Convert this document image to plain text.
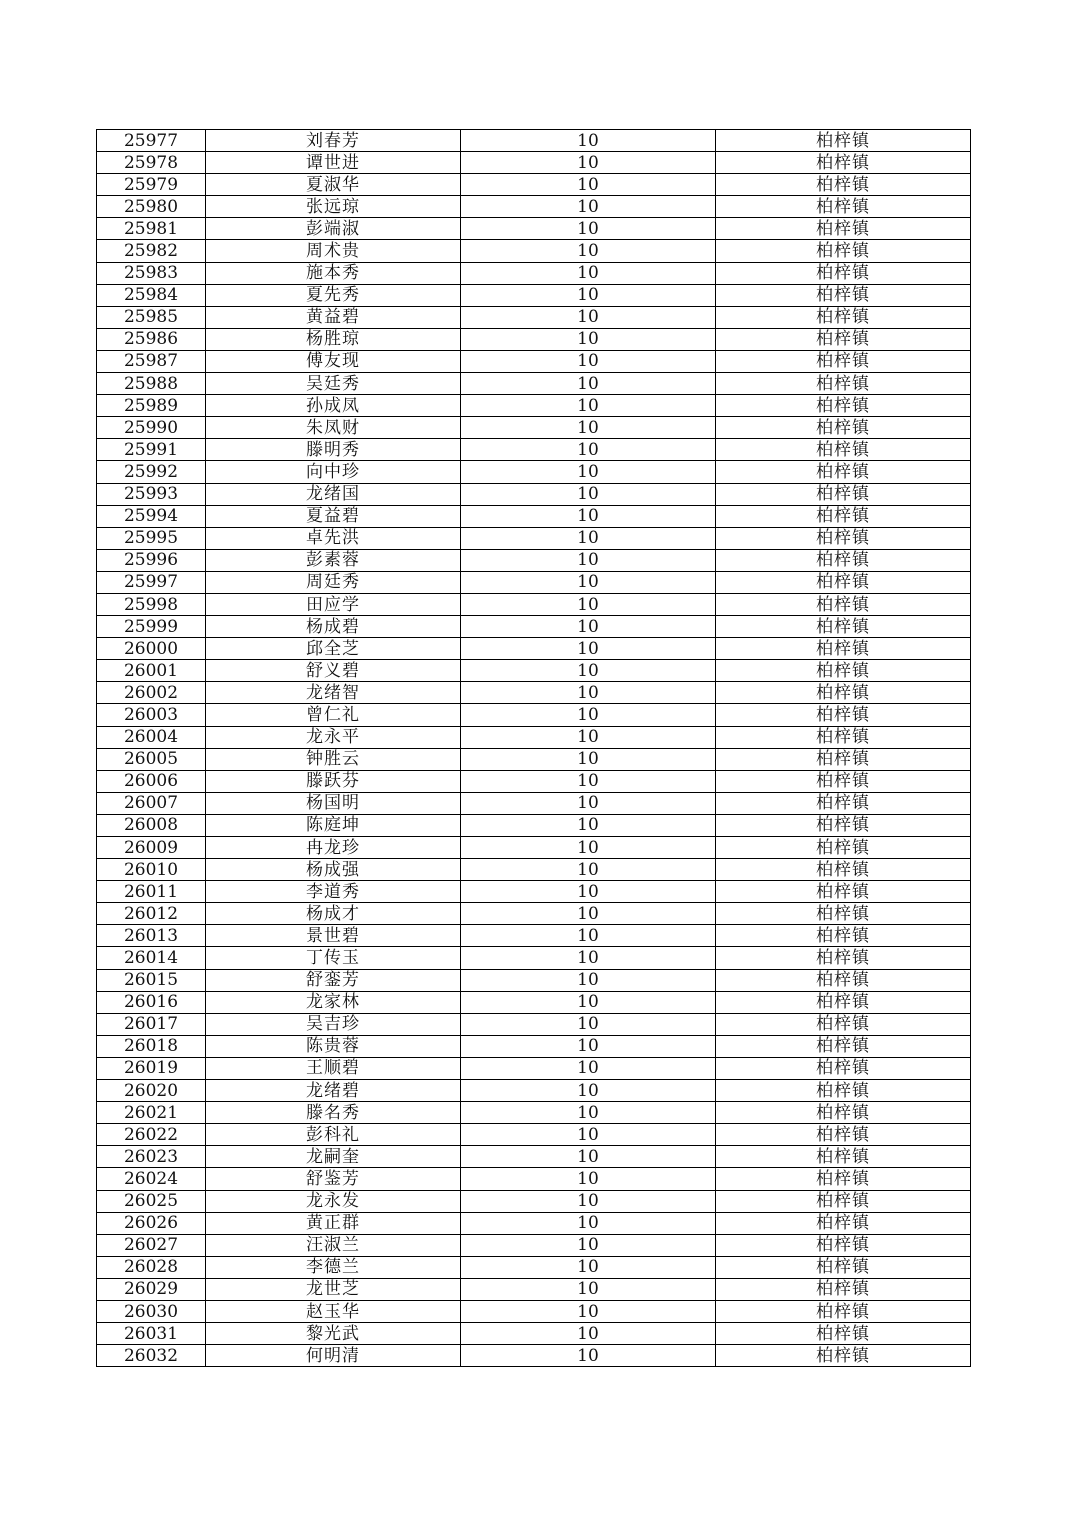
25977	刘春芳	10	柏梓镇
25978	谭世进	10	柏梓镇
25979	夏淑华	10	柏梓镇
25980	张远琼	10	柏梓镇
25981	彭端淑	10	柏梓镇
25982	周术贵	10	柏梓镇
25983	施本秀	10	柏梓镇
25984	夏先秀	10	柏梓镇
25985	黄益碧	10	柏梓镇
25986	杨胜琼	10	柏梓镇
25987	傅友现	10	柏梓镇
25988	吴廷秀	10	柏梓镇
25989	孙成凤	10	柏梓镇
25990	朱凤财	10	柏梓镇
25991	滕明秀	10	柏梓镇
25992	向中珍	10	柏梓镇
25993	龙绪国	10	柏梓镇
25994	夏益碧	10	柏梓镇
25995	卓先洪	10	柏梓镇
25996	彭素蓉	10	柏梓镇
25997	周廷秀	10	柏梓镇
25998	田应学	10	柏梓镇
25999	杨成碧	10	柏梓镇
26000	邱全芝	10	柏梓镇
26001	舒义碧	10	柏梓镇
26002	龙绪智	10	柏梓镇
26003	曾仁礼	10	柏梓镇
26004	龙永平	10	柏梓镇
26005	钟胜云	10	柏梓镇
26006	滕跃芬	10	柏梓镇
26007	杨国明	10	柏梓镇
26008	陈庭坤	10	柏梓镇
26009	冉龙珍	10	柏梓镇
26010	杨成强	10	柏梓镇
26011	李道秀	10	柏梓镇
26012	杨成才	10	柏梓镇
26013	景世碧	10	柏梓镇
26014	丁传玉	10	柏梓镇
26015	舒銮芳	10	柏梓镇
26016	龙家林	10	柏梓镇
26017	吴吉珍	10	柏梓镇
26018	陈贵蓉	10	柏梓镇
26019	王顺碧	10	柏梓镇
26020	龙绪碧	10	柏梓镇
26021	滕名秀	10	柏梓镇
26022	彭科礼	10	柏梓镇
26023	龙嗣奎	10	柏梓镇
26024	舒鉴芳	10	柏梓镇
26025	龙永发	10	柏梓镇
26026	黄正群	10	柏梓镇
26027	汪淑兰	10	柏梓镇
26028	李德兰	10	柏梓镇
26029	龙世芝	10	柏梓镇
26030	赵玉华	10	柏梓镇
26031	黎光武	10	柏梓镇
26032	何明清	10	柏梓镇
